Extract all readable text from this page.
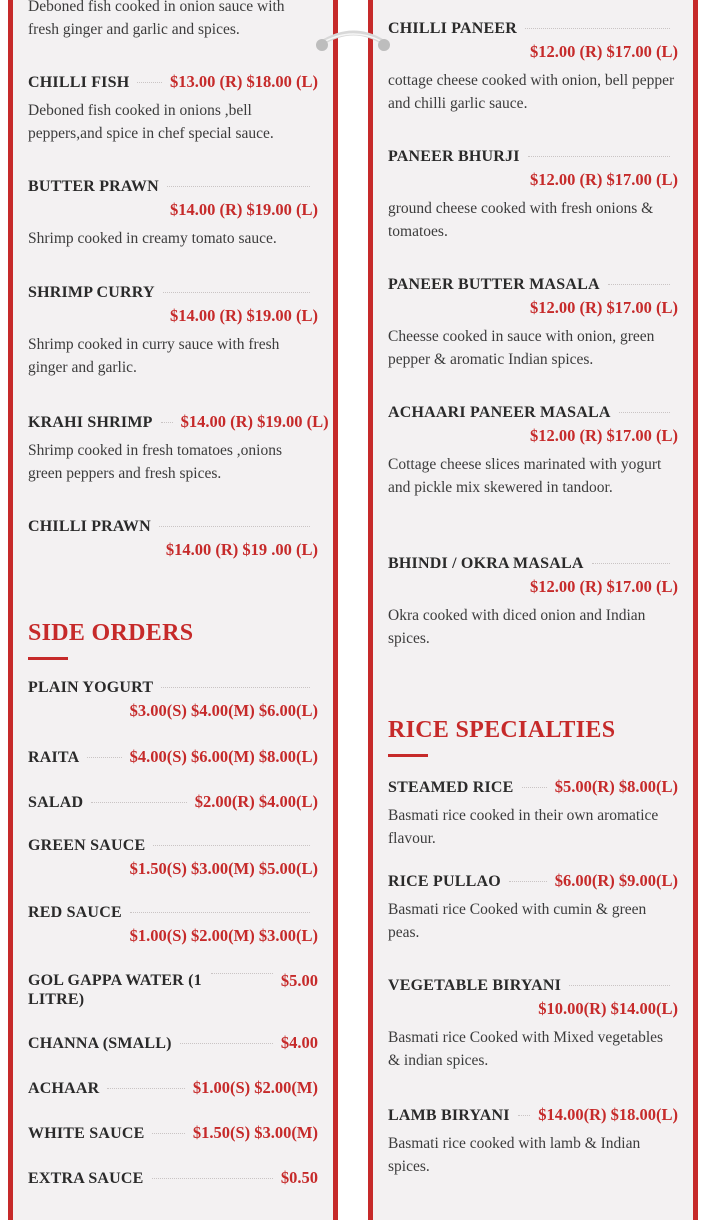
Deboned fish cooked in onion sauce with fresh ginger and garlic and spices.
CHILLI FISH $13.00 (R) $18.00 (L)
Deboned fish cooked in onions ,bell peppers,and spice in chef special sauce.
BUTTER PRAWN
$14.00 (R) $19.00 (L)
Shrimp cooked in creamy tomato sauce.
SHRIMP CURRY
$14.00 (R) $19.00 (L)
Shrimp cooked in curry sauce with fresh ginger and garlic.
KRAHI SHRIMP $14.00 (R) $19.00 (L)
Shrimp cooked in fresh tomatoes ,onions green peppers and fresh spices.
CHILLI PRAWN
$14.00 (R) $19 .00 (L)
SIDE ORDERS
PLAIN YOGURT
$3.00(S) $4.00(M) $6.00(L)
RAITA	$4.00(S) $6.00(M) $8.00(L)
SALAD	$2.00(R) $4.00(L)
GREEN SAUCE
$1.50(S) $3.00(M) $5.00(L)
RED SAUCE
$1.00(S) $2.00(M) $3.00(L)
GOL GAPPA WATER (1 LITRE)
$5.00
CHANNA (SMALL)	$4.00
ACHAAR	$1.00(S) $2.00(M)
WHITE SAUCE	$1.50(S) $3.00(M)
EXTRA SAUCE	$0.50
CHILLI PANEER
$12.00 (R) $17.00 (L)
cottage cheese cooked with onion, bell pepper and chilli garlic sauce.
PANEER BHURJI
$12.00 (R) $17.00 (L)
ground cheese cooked with fresh onions & tomatoes.
PANEER BUTTER MASALA
$12.00 (R) $17.00 (L)
Cheesse cooked in sauce with onion, green pepper & aromatic Indian spices.
ACHAARI PANEER MASALA
$12.00 (R) $17.00 (L)
Cottage cheese slices marinated with yogurt and pickle mix skewered in tandoor.
BHINDI / OKRA MASALA
$12.00 (R) $17.00 (L)
Okra cooked with diced onion and Indian spices.
RICE SPECIALTIES
STEAMED RICE $5.00(R) $8.00(L)
Basmati rice cooked in their own aromatice flavour.
RICE PULLAO	$6.00(R) $9.00(L)
Basmati rice Cooked with cumin & green peas.
VEGETABLE BIRYANI
$10.00(R) $14.00(L)
Basmati rice Cooked with Mixed vegetables & indian spices.
LAMB BIRYANI $14.00(R) $18.00(L)
Basmati rice cooked with lamb & Indian spices.
